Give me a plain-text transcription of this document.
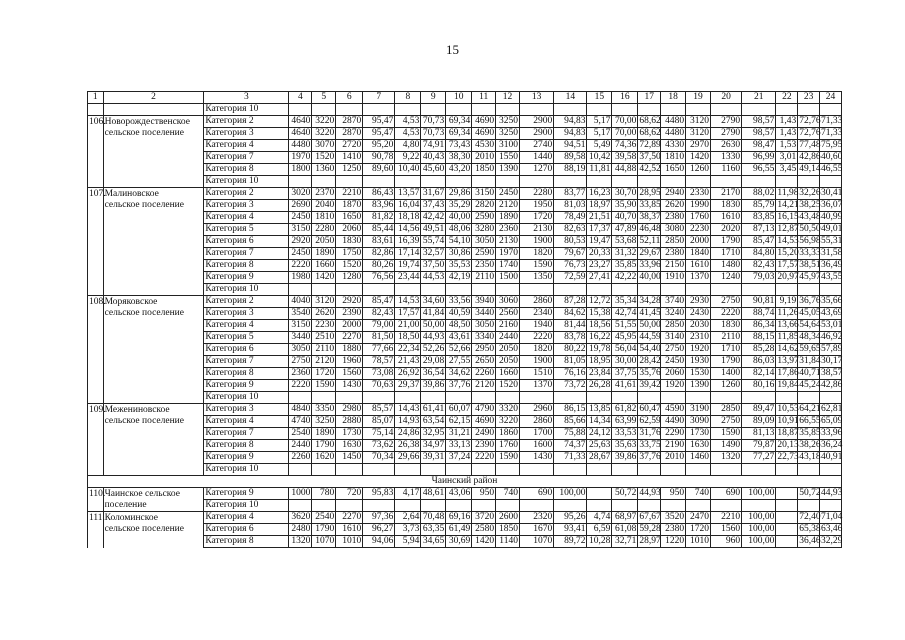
15
1	2	3	4	5	6	7	8	9	10	11	12	13	14	15	16	17	18	19	20	21	22	23	24
		Категория 10																					
106.	Новорождественское	Категория 2	4640	3220	2870	95,47	4,53	70,73	69,34	4690	3250	2900	94,83	5,17	70,00	68,62	4480	3120	2790	98,57	1,43	72,76	71,33
	сельское поселение	Категория 3	4640	3220	2870	95,47	4,53	70,73	69,34	4690	3250	2900	94,83	5,17	70,00	68,62	4480	3120	2790	98,57	1,43	72,76	71,33
		Категория 4	4480	3070	2720	95,20	4,80	74,91	73,43	4530	3100	2740	94,51	5,49	74,36	72,89	4330	2970	2630	98,47	1,53	77,48	75,95
		Категория 7	1970	1520	1410	90,78	9,22	40,43	38,30	2010	1550	1440	89,58	10,42	39,58	37,50	1810	1420	1330	96,99	3,01	42,86	40,60
		Категория 8	1800	1360	1250	89,60	10,40	45,60	43,20	1850	1390	1270	88,19	11,81	44,88	42,52	1650	1260	1160	96,55	3,45	49,14	46,55
		Категория 10																					
107.	Малиновское	Категория 2	3020	2370	2210	86,43	13,57	31,67	29,86	3150	2450	2280	83,77	16,23	30,70	28,95	2940	2330	2170	88,02	11,98	32,26	30,41
	сельское поселение	Категория 3	2690	2040	1870	83,96	16,04	37,43	35,29	2820	2120	1950	81,03	18,97	35,90	33,85	2620	1990	1830	85,79	14,21	38,25	36,07
		Категория 4	2450	1810	1650	81,82	18,18	42,42	40,00	2590	1890	1720	78,49	21,51	40,70	38,37	2380	1760	1610	83,85	16,15	43,48	40,99
		Категория 5	3150	2280	2060	85,44	14,56	49,51	48,06	3280	2360	2130	82,63	17,37	47,89	46,48	3080	2230	2020	87,13	12,87	50,50	49,01
		Категория 6	2920	2050	1830	83,61	16,39	55,74	54,10	3050	2130	1900	80,53	19,47	53,68	52,11	2850	2000	1790	85,47	14,53	56,98	55,31
		Категория 7	2450	1890	1750	82,86	17,14	32,57	30,86	2590	1970	1820	79,67	20,33	31,32	29,67	2380	1840	1710	84,80	15,20	33,33	31,58
		Категория 8	2220	1660	1520	80,26	19,74	37,50	35,53	2350	1740	1590	76,73	23,27	35,85	33,96	2150	1610	1480	82,43	17,57	38,51	36,49
		Категория 9	1980	1420	1280	76,56	23,44	44,53	42,19	2110	1500	1350	72,59	27,41	42,22	40,00	1910	1370	1240	79,03	20,97	45,97	43,55
		Категория 10																					
108.	Моряковское	Категория 2	4040	3120	2920	85,47	14,53	34,60	33,56	3940	3060	2860	87,28	12,72	35,34	34,28	3740	2930	2750	90,81	9,19	36,76	35,66
	сельское поселение	Категория 3	3540	2620	2390	82,43	17,57	41,84	40,59	3440	2560	2340	84,62	15,38	42,74	41,45	3240	2430	2220	88,74	11,26	45,05	43,69
		Категория 4	3150	2230	2000	79,00	21,00	50,00	48,50	3050	2160	1940	81,44	18,56	51,55	50,00	2850	2030	1830	86,34	13,66	54,64	53,01
		Категория 5	3440	2510	2270	81,50	18,50	44,93	43,61	3340	2440	2220	83,78	16,22	45,95	44,59	3140	2310	2110	88,15	11,85	48,34	46,92
		Категория 6	3050	2110	1880	77,66	22,34	52,26	52,66	2950	2050	1820	80,22	19,78	56,04	54,40	2750	1920	1710	85,28	14,62	59,65	57,89
		Категория 7	2750	2120	1960	78,57	21,43	29,08	27,55	2650	2050	1900	81,05	18,95	30,00	28,42	2450	1930	1790	86,03	13,97	31,84	30,17
		Категория 8	2360	1720	1560	73,08	26,92	36,54	34,62	2260	1660	1510	76,16	23,84	37,75	35,76	2060	1530	1400	82,14	17,86	40,71	38,57
		Категория 9	2220	1590	1430	70,63	29,37	39,86	37,76	2120	1520	1370	73,72	26,28	41,61	39,42	1920	1390	1260	80,16	19,84	45,24	42,86
		Категория 10																					
109.	Межениновское	Категория 3	4840	3350	2980	85,57	14,43	61,41	60,07	4790	3320	2960	86,15	13,85	61,82	60,47	4590	3190	2850	89,47	10,53	64,21	62,81
	сельское поселение	Категория 4	4740	3250	2880	85,07	14,93	63,54	62,15	4690	3220	2860	85,66	14,34	63,99	62,59	4490	3090	2750	89,09	10,91	66,55	65,09
		Категория 7	2540	1890	1730	75,14	24,86	32,95	31,21	2490	1860	1700	75,88	24,12	33,53	31,76	2290	1730	1590	81,13	18,87	35,85	33,96
		Категория 8	2440	1790	1630	73,62	26,38	34,97	33,13	2390	1760	1600	74,37	25,63	35,63	33,75	2190	1630	1490	79,87	20,13	38,26	36,24
		Категория 9	2260	1620	1450	70,34	29,66	39,31	37,24	2220	1590	1430	71,33	28,67	39,86	37,76	2010	1460	1320	77,27	22,73	43,18	40,91
		Категория 10																					
Чаинский район																							
110.	Чаинское сельское	Категория 9	1000	780	720	95,83	4,17	48,61	43,06	950	740	690	100,00		50,72	44,93	950	740	690	100,00		50,72	44,93
	поселение	Категория 10																					
111.	Коломинское	Категория 4	3620	2540	2270	97,36	2,64	70,48	69,16	3720	2600	2320	95,26	4,74	68,97	67,67	3520	2470	2210	100,00		72,40	71,04
	сельское поселение	Категория 6	2480	1790	1610	96,27	3,73	63,35	61,49	2580	1850	1670	93,41	6,59	61,08	59,28	2380	1720	1560	100,00		65,38	63,46
		Категория 8	1320	1070	1010	94,06	5,94	34,65	30,69	1420	1140	1070	89,72	10,28	32,71	28,97	1220	1010	960	100,00		36,46	32,29
